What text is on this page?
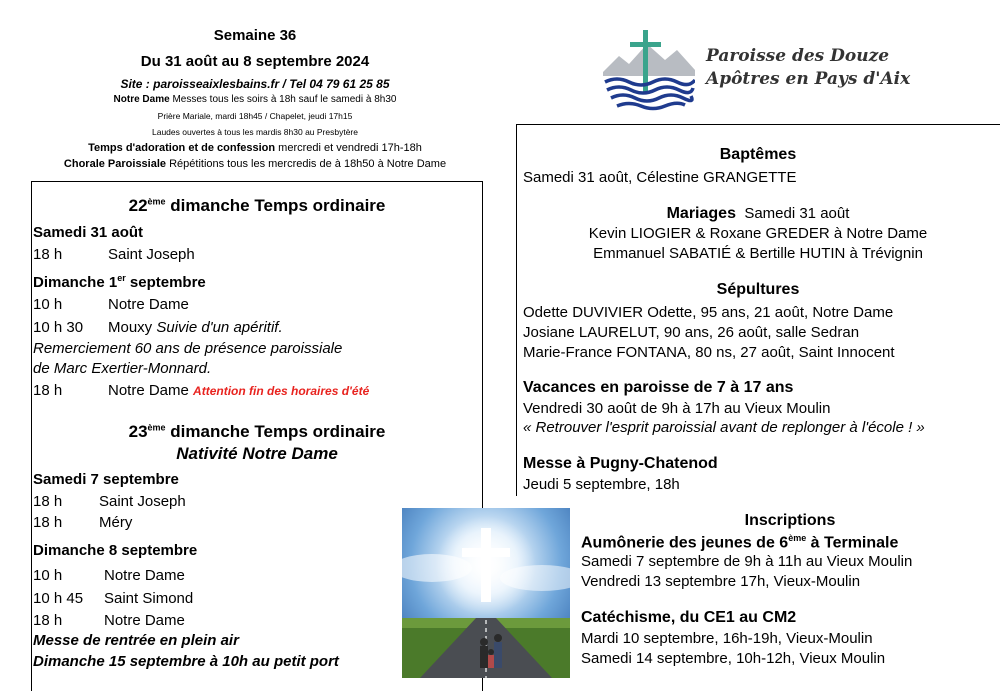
Semaine 36
Du 31 août au 8 septembre 2024
Site : paroisseaixlesbains.fr / Tel 04 79 61 25 85
Notre Dame Messes tous les soirs à 18h sauf le samedi à 8h30
Prière Mariale, mardi 18h45 / Chapelet, jeudi 17h15
Laudes ouvertes à tous les mardis 8h30 au Presbytère
Temps d'adoration et de confession mercredi et vendredi 17h-18h
Chorale Paroissiale Répétitions tous les mercredis de à 18h50 à Notre Dame
22ème dimanche Temps ordinaire
Samedi 31 août
18 h	Saint Joseph
Dimanche 1er septembre
10 h	Notre Dame
10 h 30 Mouxy Suivie d'un apéritif.
Remerciement 60 ans de présence paroissiale
de Marc Exertier-Monnard.
18 h	Notre Dame Attention fin des horaires d'été
23ème dimanche Temps ordinaire
Nativité Notre Dame
Samedi 7 septembre
18 h Saint Joseph
18 h Méry
Dimanche 8 septembre
10 h	Notre Dame
10 h 45 Saint Simond
18 h	Notre Dame
Messe de rentrée en plein air
Dimanche 15 septembre à 10h au petit port
Paroisse des Douze
Apôtres en Pays d'Aix
Baptêmes
Samedi 31 août, Célestine GRANGETTE
Mariages Samedi 31 août
Kevin LIOGIER & Roxane GREDER à Notre Dame
Emmanuel SABATIÉ & Bertille HUTIN à Trévignin
Sépultures
Odette DUVIVIER Odette, 95 ans, 21 août, Notre Dame
Josiane LAURELUT, 90 ans, 26 août, salle Sedran
Marie-France FONTANA, 80 ns, 27 août, Saint Innocent
Vacances en paroisse de 7 à 17 ans
Vendredi 30 août de 9h à 17h au Vieux Moulin
« Retrouver l'esprit paroissial avant de replonger à l'école ! »
Messe à Pugny-Chatenod
Jeudi 5 septembre, 18h
Inscriptions
Aumônerie des jeunes de 6ème à Terminale
Samedi 7 septembre de 9h à 11h au Vieux Moulin
Vendredi 13 septembre 17h, Vieux-Moulin
Catéchisme, du CE1 au CM2
Mardi 10 septembre, 16h-19h, Vieux-Moulin
Samedi 14 septembre, 10h-12h, Vieux Moulin
